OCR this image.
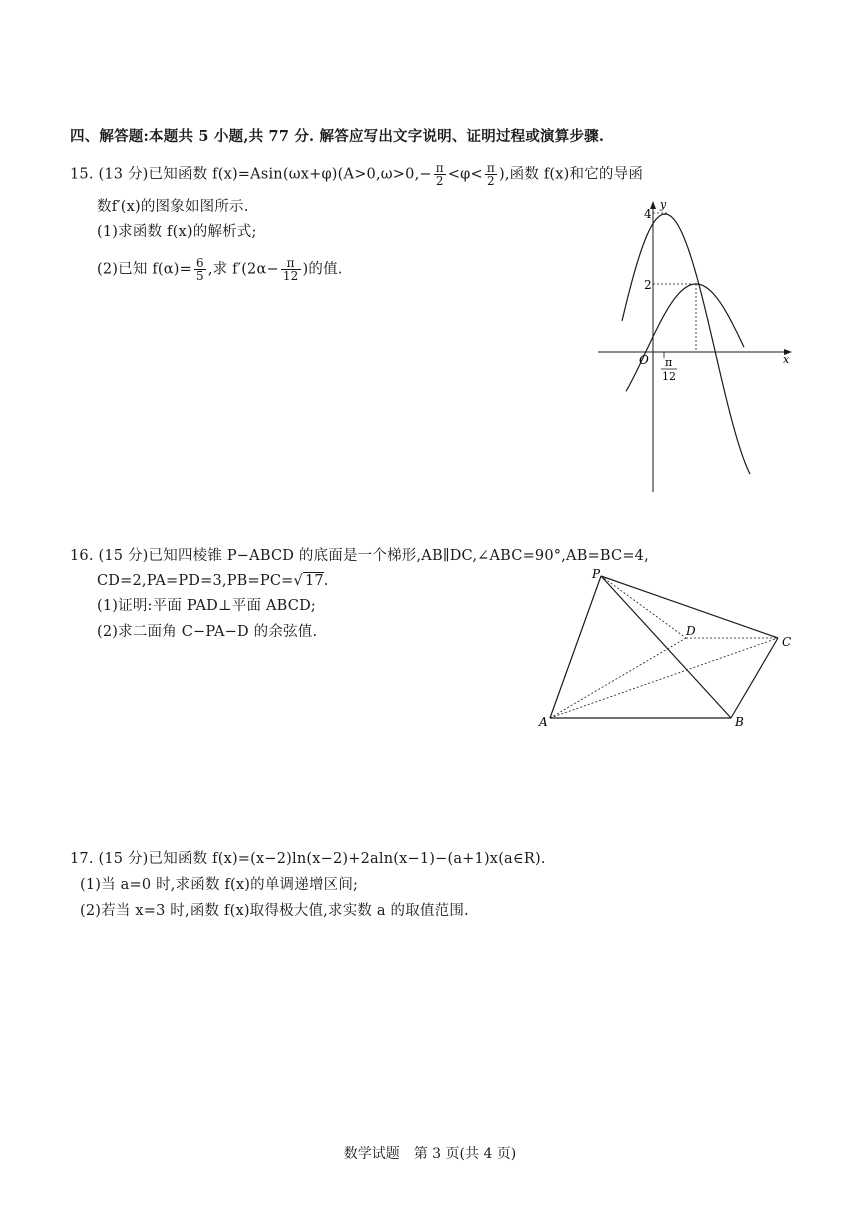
四、解答题:本题共 5 小题,共 77 分. 解答应写出文字说明、证明过程或演算步骤.
15. (13 分)已知函数 $f(x)=Asin(\omega x+\varphi)(A>0,\omega>0,- \frac{\pi}{2} <\varphi< \frac{\pi}{2}$ ),函数 f(x)和它的导函
数f′(x)的图象如图所示.
(1)求函数 f(x)的解析式;
(2)已知 $f(\alpha)= \frac{6}{5}$ ,求 $f'(2\alpha- \frac{\pi}{12}$ )的值.
y
x
O
4
2
π
12
16. (15 分)已知四棱锥 P−ABCD 的底面是一个梯形,AB∥DC,∠ABC=90°,AB=BC=4,
CD=2,PA=PD=3,PB=PC=√ 17.
(1)证明:平面 PAD⊥平面 ABCD;
(2)求二面角 C−PA−D 的余弦值.
P
A	B
C
D
17. (15 分)已知函数 f(x)=(x−2)ln(x−2)+2aln(x−1)−(a+1)x(a∈R).
(1)当 a=0 时,求函数 f(x)的单调递增区间;
(2)若当 x=3 时,函数 f(x)取得极大值,求实数 a 的取值范围.
数学试题　第 3 页(共 4 页)
